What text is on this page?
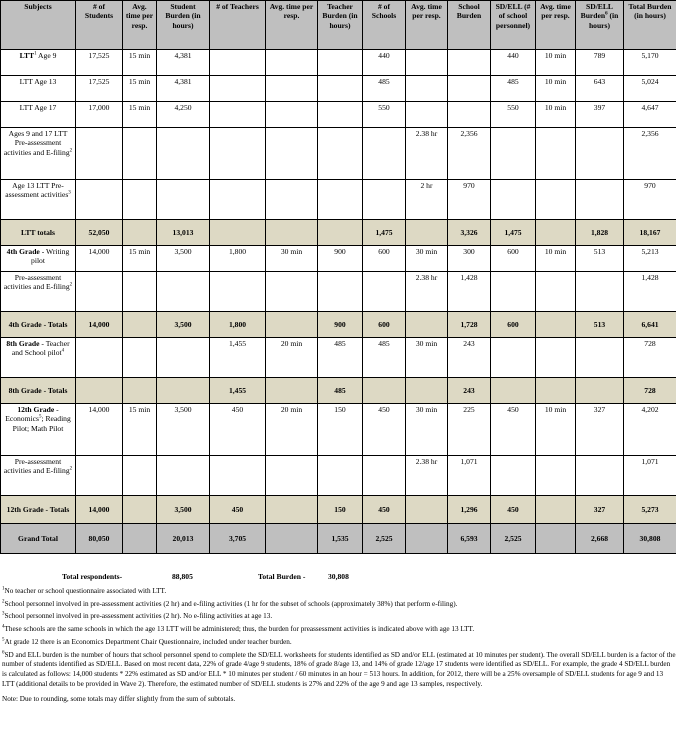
Subjects	# of Students	Avg. time per resp.	Student Burden (in hours)	# of Teachers	Avg. time per resp.	Teacher Burden (in hours)	# of Schools	Avg. time per resp.	School Burden	SD/ELL (# of school personnel)	Avg. time per resp.	SD/ELL Burden$^6$ (in hours)	Total Burden (in hours)
LTT$^1$ Age 9	17,525	15 min	4,381				440			440	10 min	789	5,170
LTT Age 13	17,525	15 min	4,381				485			485	10 min	643	5,024
LTT Age 17	17,000	15 min	4,250				550			550	10 min	397	4,647
Ages 9 and 17 LTT Pre-assessment activities and E-filing$^2$								2.38 hr	2,356				2,356
Age 13 LTT Pre-assessment activities$^3$								2 hr	970				970
LTT totals	52,050		13,013				1,475		3,326	1,475		1,828	18,167
4th Grade - Writing pilot	14,000	15 min	3,500	1,800	30 min	900	600	30 min	300	600	10 min	513	5,213
Pre-assessment activities and E-filing$^2$								2.38 hr	1,428				1,428
4th Grade - Totals	14,000		3,500	1,800		900	600		1,728	600		513	6,641
8th Grade - Teacher and School pilot$^4$				1,455	20 min	485	485	30 min	243				728
8th Grade - Totals				1,455		485			243				728
12th Grade - Economics$^5$; Reading Pilot; Math Pilot	14,000	15 min	3,500	450	20 min	150	450	30 min	225	450	10 min	327	4,202
Pre-assessment activities and E-filing$^2$								2.38 hr	1,071				1,071
12th Grade - Totals	14,000		3,500	450		150	450		1,296	450		327	5,273
Grand Total	80,050		20,013	3,705		1,535	2,525		6,593	2,525		2,668	30,808
Total respondents-	88,805	Total Burden -	30,808

$^1$No teacher or school questionnaire associated with LTT.

$^2$School personnel involved in pre-assessment activities (2 hr) and e-filing activities (1 hr for the subset of schools (approximately 38%) that perform e-filing).

$^3$School personnel involved in pre-assessment activities (2 hr). No e-filing activities at age 13.

$^4$These schools are the same schools in which the age 13 LTT will be administered; thus, the burden for preassessment activities is indicated above with age 13 LTT.

$^5$At grade 12 there is an Economics Department Chair Questionnaire, included under teacher burden.

$^6$SD and ELL burden is the number of hours that school personnel spend to complete the SD/ELL worksheets for students identified as SD and/or ELL (estimated at 10 minutes per student). The overall SD/ELL burden is a factor of the number of students identified as SD/ELL. Based on most recent data, 22% of grade 4/age 9 students, 18% of grade 8/age 13, and 14% of grade 12/age 17 students were identified as SD/ELL. For example, the grade 4 SD/ELL burden is calculated as follows: 14,000 students * 22% estimated as SD and/or ELL * 10 minutes per student / 60 minutes in an hour = 513 hours. In addition, for 2012, there will be a 25% oversample of SD/ELL students for age 9 and 13 LTT (additional details to be provided in Wave 2). Therefore, the estimated number of SD/ELL students is 27% and 22% of the age 9 and age 13 samples, respectively.

Note: Due to rounding, some totals may differ slightly from the sum of subtotals.
